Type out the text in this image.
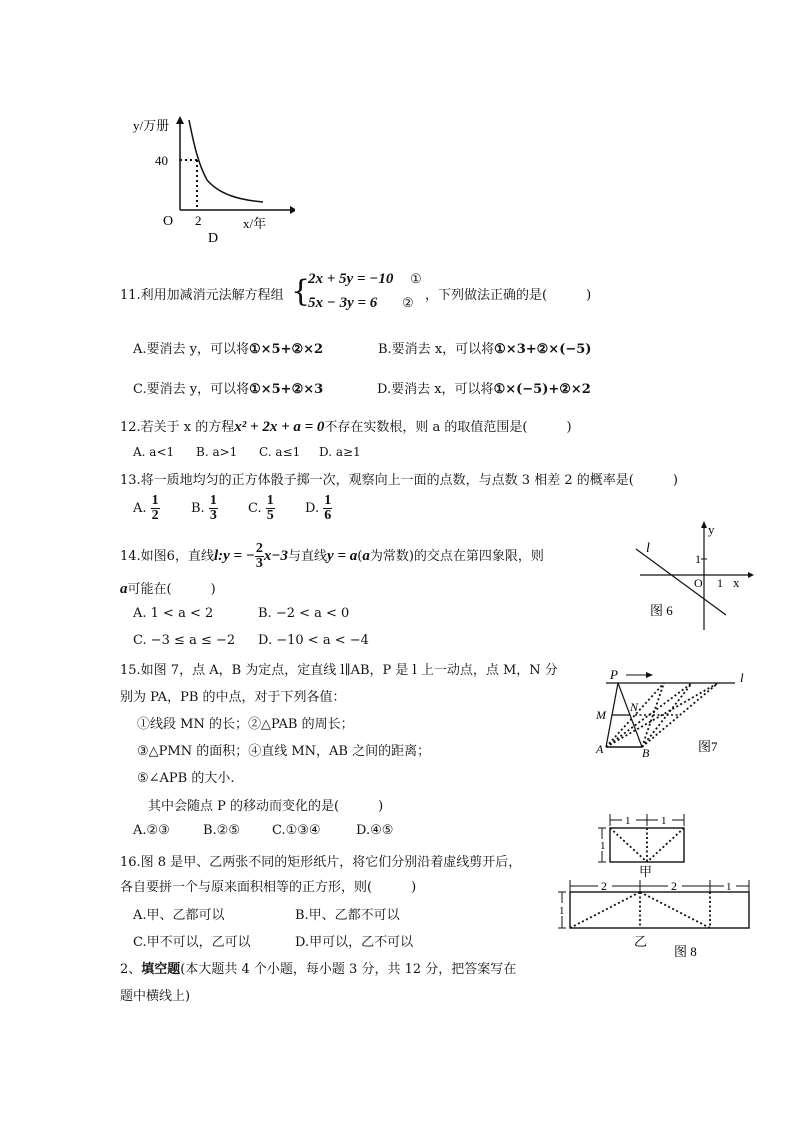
y/万册
40
O 2	x/年
D
11.利用加减消元法解方程组 {
2x + 5y = −10 ①
5x − 3y = 6 ②
，下列做法正确的是(　　　)
A.要消去 y，可以将①×5+②×2	B.要消去 x，可以将①×3+②×(−5)
C.要消去 y，可以将①×5+②×3	D.要消去 x，可以将①×(−5)+②×2
12.若关于 x 的方程x² + 2x + a = 0不存在实数根，则 a 的取值范围是(　　　)
A. a<1 B. a>1 C. a≤1 D. a≥1
13.将一质地均匀的正方体骰子掷一次，观察向上一面的点数，与点数 3 相差 2 的概率是(　　　)
A. $\frac{1}{2} B$. $\frac{1}{3} C$. $\frac{1}{5} D$. $\frac{1}{6}$
14.如图6，直线l:y = − $\frac{2}{3} x-3$与直线y = a(a为常数)的交点在第四象限，则
a可能在(　　　)
A. 1 < a < 2	B. −2 < a < 0
C. −3 ≤ a ≤ −2 D. −10 < a < −4
y
x
O 1
1
l
图 6
15.如图 7，点 A，B 为定点，定直线 l∥AB，P 是 l 上一动点，点 M，N 分
别为 PA，PB 的中点，对于下列各值：
①线段 MN 的长；②△PAB 的周长；
③△PMN 的面积；④直线 MN，AB 之间的距离；
⑤∠APB 的大小.
其中会随点 P 的移动而变化的是(　　　)
A.②③	B.②⑤ C.①③④	D.④⑤
P	l
M
N
A	B	图7
16.图 8 是甲、乙两张不同的矩形纸片，将它们分别沿着虚线剪开后，
各自要拼一个与原来面积相等的正方形，则(　　　)
A.甲、乙都可以	B.甲、乙都不可以
C.甲不可以，乙可以	D.甲可以，乙不可以
1	1
1
甲
2	2	1
1
乙
图 8
2、填空题(本大题共 4 个小题，每小题 3 分，共 12 分，把答案写在
题中横线上)
